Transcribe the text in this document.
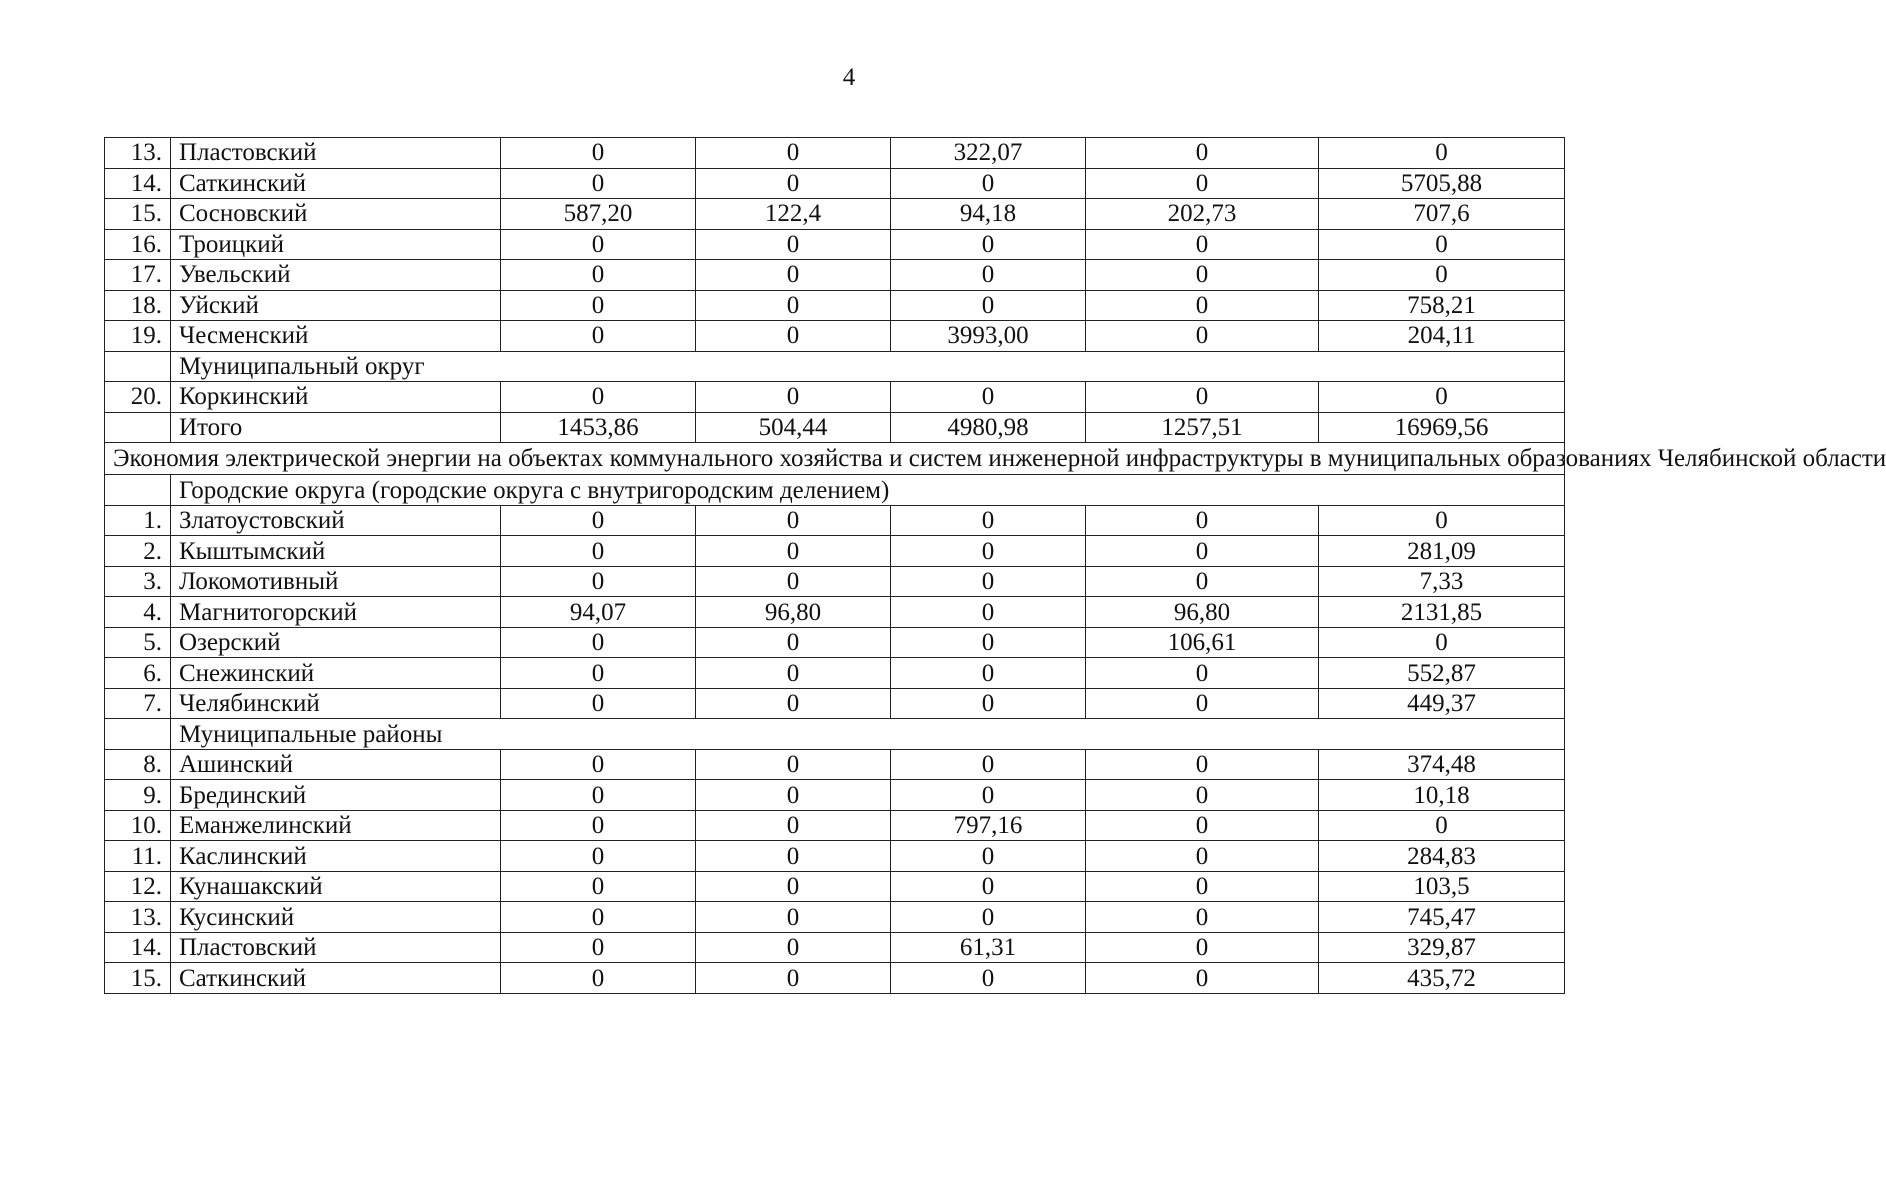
4
13.	Пластовский	0	0	322,07	0	0
14.	Саткинский	0	0	0	0	5705,88
15.	Сосновский	587,20	122,4	94,18	202,73	707,6
16.	Троицкий	0	0	0	0	0
17.	Увельский	0	0	0	0	0
18.	Уйский	0	0	0	0	758,21
19.	Чесменский	0	0	3993,00	0	204,11
	Муниципальный округ					
20.	Коркинский	0	0	0	0	0
	Итого	1453,86	504,44	4980,98	1257,51	16969,56
Экономия электрической энергии на объектах коммунального хозяйства и систем инженерной инфраструктуры в муниципальных образованиях Челябинской области						
	Городские округа (городские округа с внутригородским делением)					
1.	Златоустовский	0	0	0	0	0
2.	Кыштымский	0	0	0	0	281,09
3.	Локомотивный	0	0	0	0	7,33
4.	Магнитогорский	94,07	96,80	0	96,80	2131,85
5.	Озерский	0	0	0	106,61	0
6.	Снежинский	0	0	0	0	552,87
7.	Челябинский	0	0	0	0	449,37
	Муниципальные районы					
8.	Ашинский	0	0	0	0	374,48
9.	Брединский	0	0	0	0	10,18
10.	Еманжелинский	0	0	797,16	0	0
11.	Каслинский	0	0	0	0	284,83
12.	Кунашакский	0	0	0	0	103,5
13.	Кусинский	0	0	0	0	745,47
14.	Пластовский	0	0	61,31	0	329,87
15.	Саткинский	0	0	0	0	435,72
